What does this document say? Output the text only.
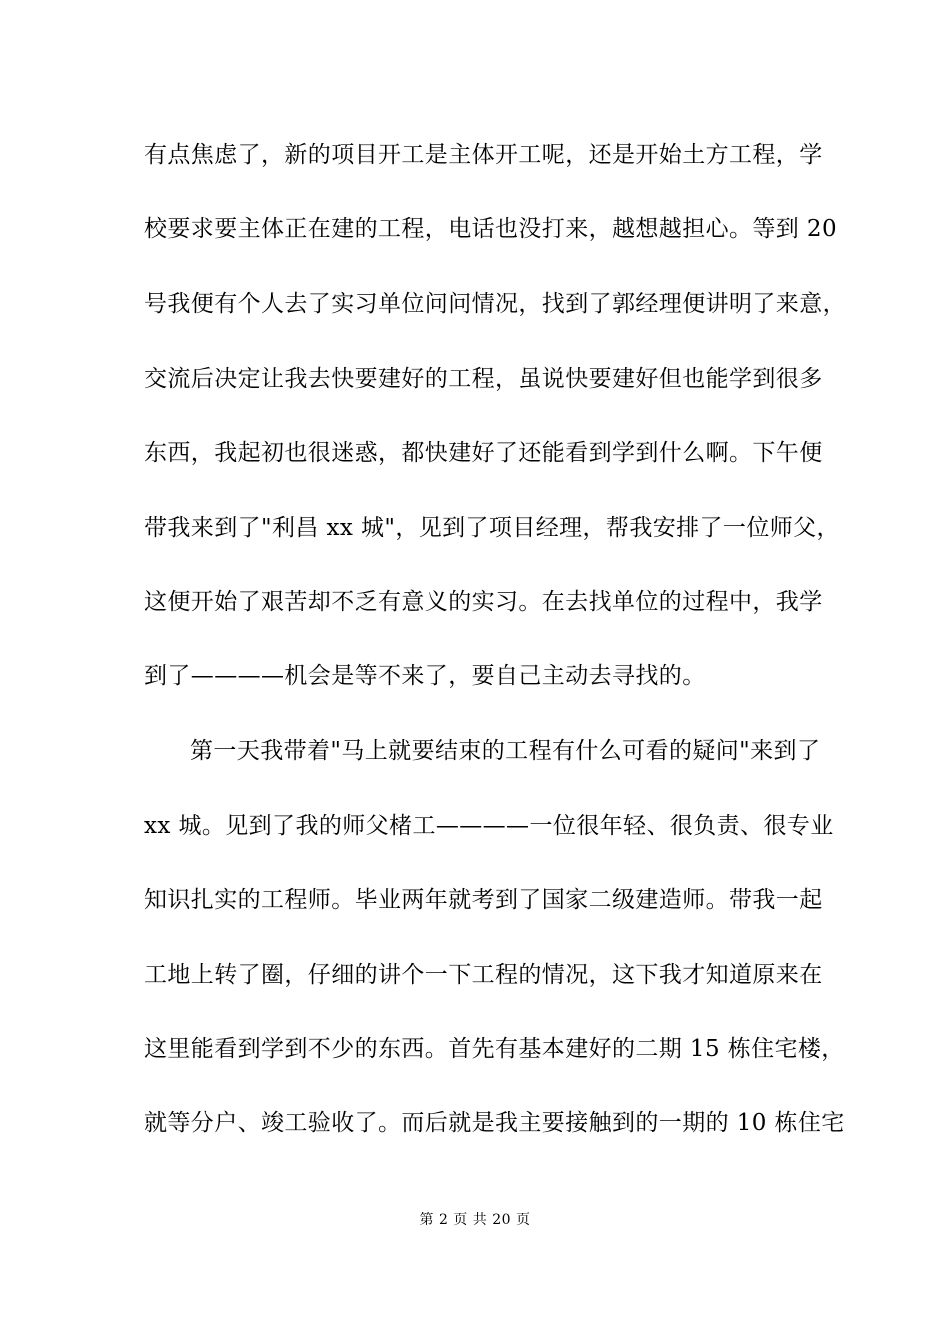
有点焦虑了，新的项目开工是主体开工呢，还是开始土方工程，学
校要求要主体正在建的工程，电话也没打来，越想越担心。等到 20
号我便有个人去了实习单位问问情况，找到了郭经理便讲明了来意，
交流后决定让我去快要建好的工程，虽说快要建好但也能学到很多
东西，我起初也很迷惑，都快建好了还能看到学到什么啊。下午便
带我来到了"利昌 xx 城"，见到了项目经理，帮我安排了一位师父，
这便开始了艰苦却不乏有意义的实习。在去找单位的过程中，我学
到了————机会是等不来了，要自己主动去寻找的。
第一天我带着"马上就要结束的工程有什么可看的疑问"来到了
xx 城。见到了我的师父楮工————一位很年轻、很负责、很专业
知识扎实的工程师。毕业两年就考到了国家二级建造师。带我一起
工地上转了圈，仔细的讲个一下工程的情况，这下我才知道原来在
这里能看到学到不少的东西。首先有基本建好的二期 15 栋住宅楼，
就等分户、竣工验收了。而后就是我主要接触到的一期的 10 栋住宅
第 2 页 共 20 页
